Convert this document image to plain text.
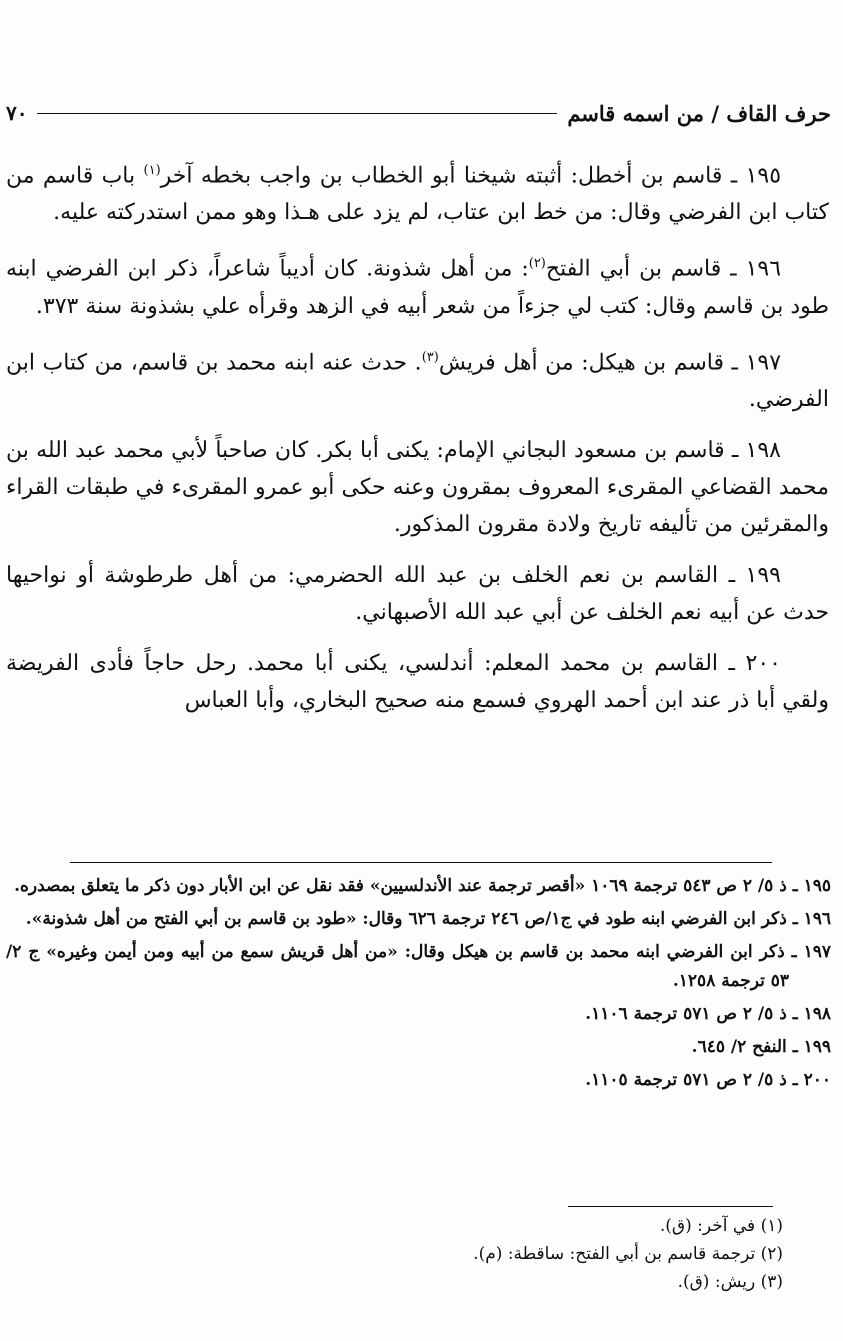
حرف القاف / من اسمه قاسم
٧٠

١٩٥ ـ قاسم بن أخطل: أثبته شيخنا أبو الخطاب بن واجب بخطه آخر$^{(١)}$ باب قاسم من كتاب ابن الفرضي وقال: من خط ابن عتاب، لم يزد على هـذا وهو ممن استدركته عليه.

١٩٦ ـ قاسم بن أبي الفتح$^{(٢)}$: من أهل شذونة. كان أديباً شاعراً، ذكر ابن الفرضي ابنه طود بن قاسم وقال: كتب لي جزءاً من شعر أبيه في الزهد وقرأه علي بشذونة سنة ٣٧٣.

١٩٧ ـ قاسم بن هيكل: من أهل فريش$^{(٣)}$. حدث عنه ابنه محمد بن قاسم، من كتاب ابن الفرضي.

١٩٨ ـ قاسم بن مسعود البجاني الإمام: يكنى أبا بكر. كان صاحباً لأبي محمد عبد الله بن محمد القضاعي المقرىء المعروف بمقرون وعنه حكى أبو عمرو المقرىء في طبقات القراء والمقرئين من تأليفه تاريخ ولادة مقرون المذكور.

١٩٩ ـ القاسم بن نعم الخلف بن عبد الله الحضرمي: من أهل طرطوشة أو نواحيها حدث عن أبيه نعم الخلف عن أبي عبد الله الأصبهاني.

٢٠٠ ـ القاسم بن محمد المعلم: أندلسي، يكنى أبا محمد. رحل حاجاً فأدى الفريضة ولقي أبا ذر عند ابن أحمد الهروي فسمع منه صحيح البخاري، وأبا العباس

١٩٥ ـ ذ ٥/ ٢ ص ٥٤٣ ترجمة ١٠٦٩ «أقصر ترجمة عند الأندلسيين» فقد نقل عن ابن الأبار دون ذكر ما يتعلق بمصدره.

١٩٦ ـ ذكر ابن الفرضي ابنه طود في ج١/ص ٢٤٦ ترجمة ٦٢٦ وقال: «طود بن قاسم بن أبي الفتح من أهل شذونة».

١٩٧ ـ ذكر ابن الفرضي ابنه محمد بن قاسم بن هيكل وقال: «من أهل قريش سمع من أبيه ومن أيمن وغيره» ج ٢/ ٥٣ ترجمة ١٢٥٨.

١٩٨ ـ ذ ٥/ ٢ ص ٥٧١ ترجمة ١١٠٦.

١٩٩ ـ النفح ٢/ ٦٤٥.

٢٠٠ ـ ذ ٥/ ٢ ص ٥٧١ ترجمة ١١٠٥.

(١) في آخر: (ق).

(٢) ترجمة قاسم بن أبي الفتح: ساقطة: (م).

(٣) ريش: (ق).
